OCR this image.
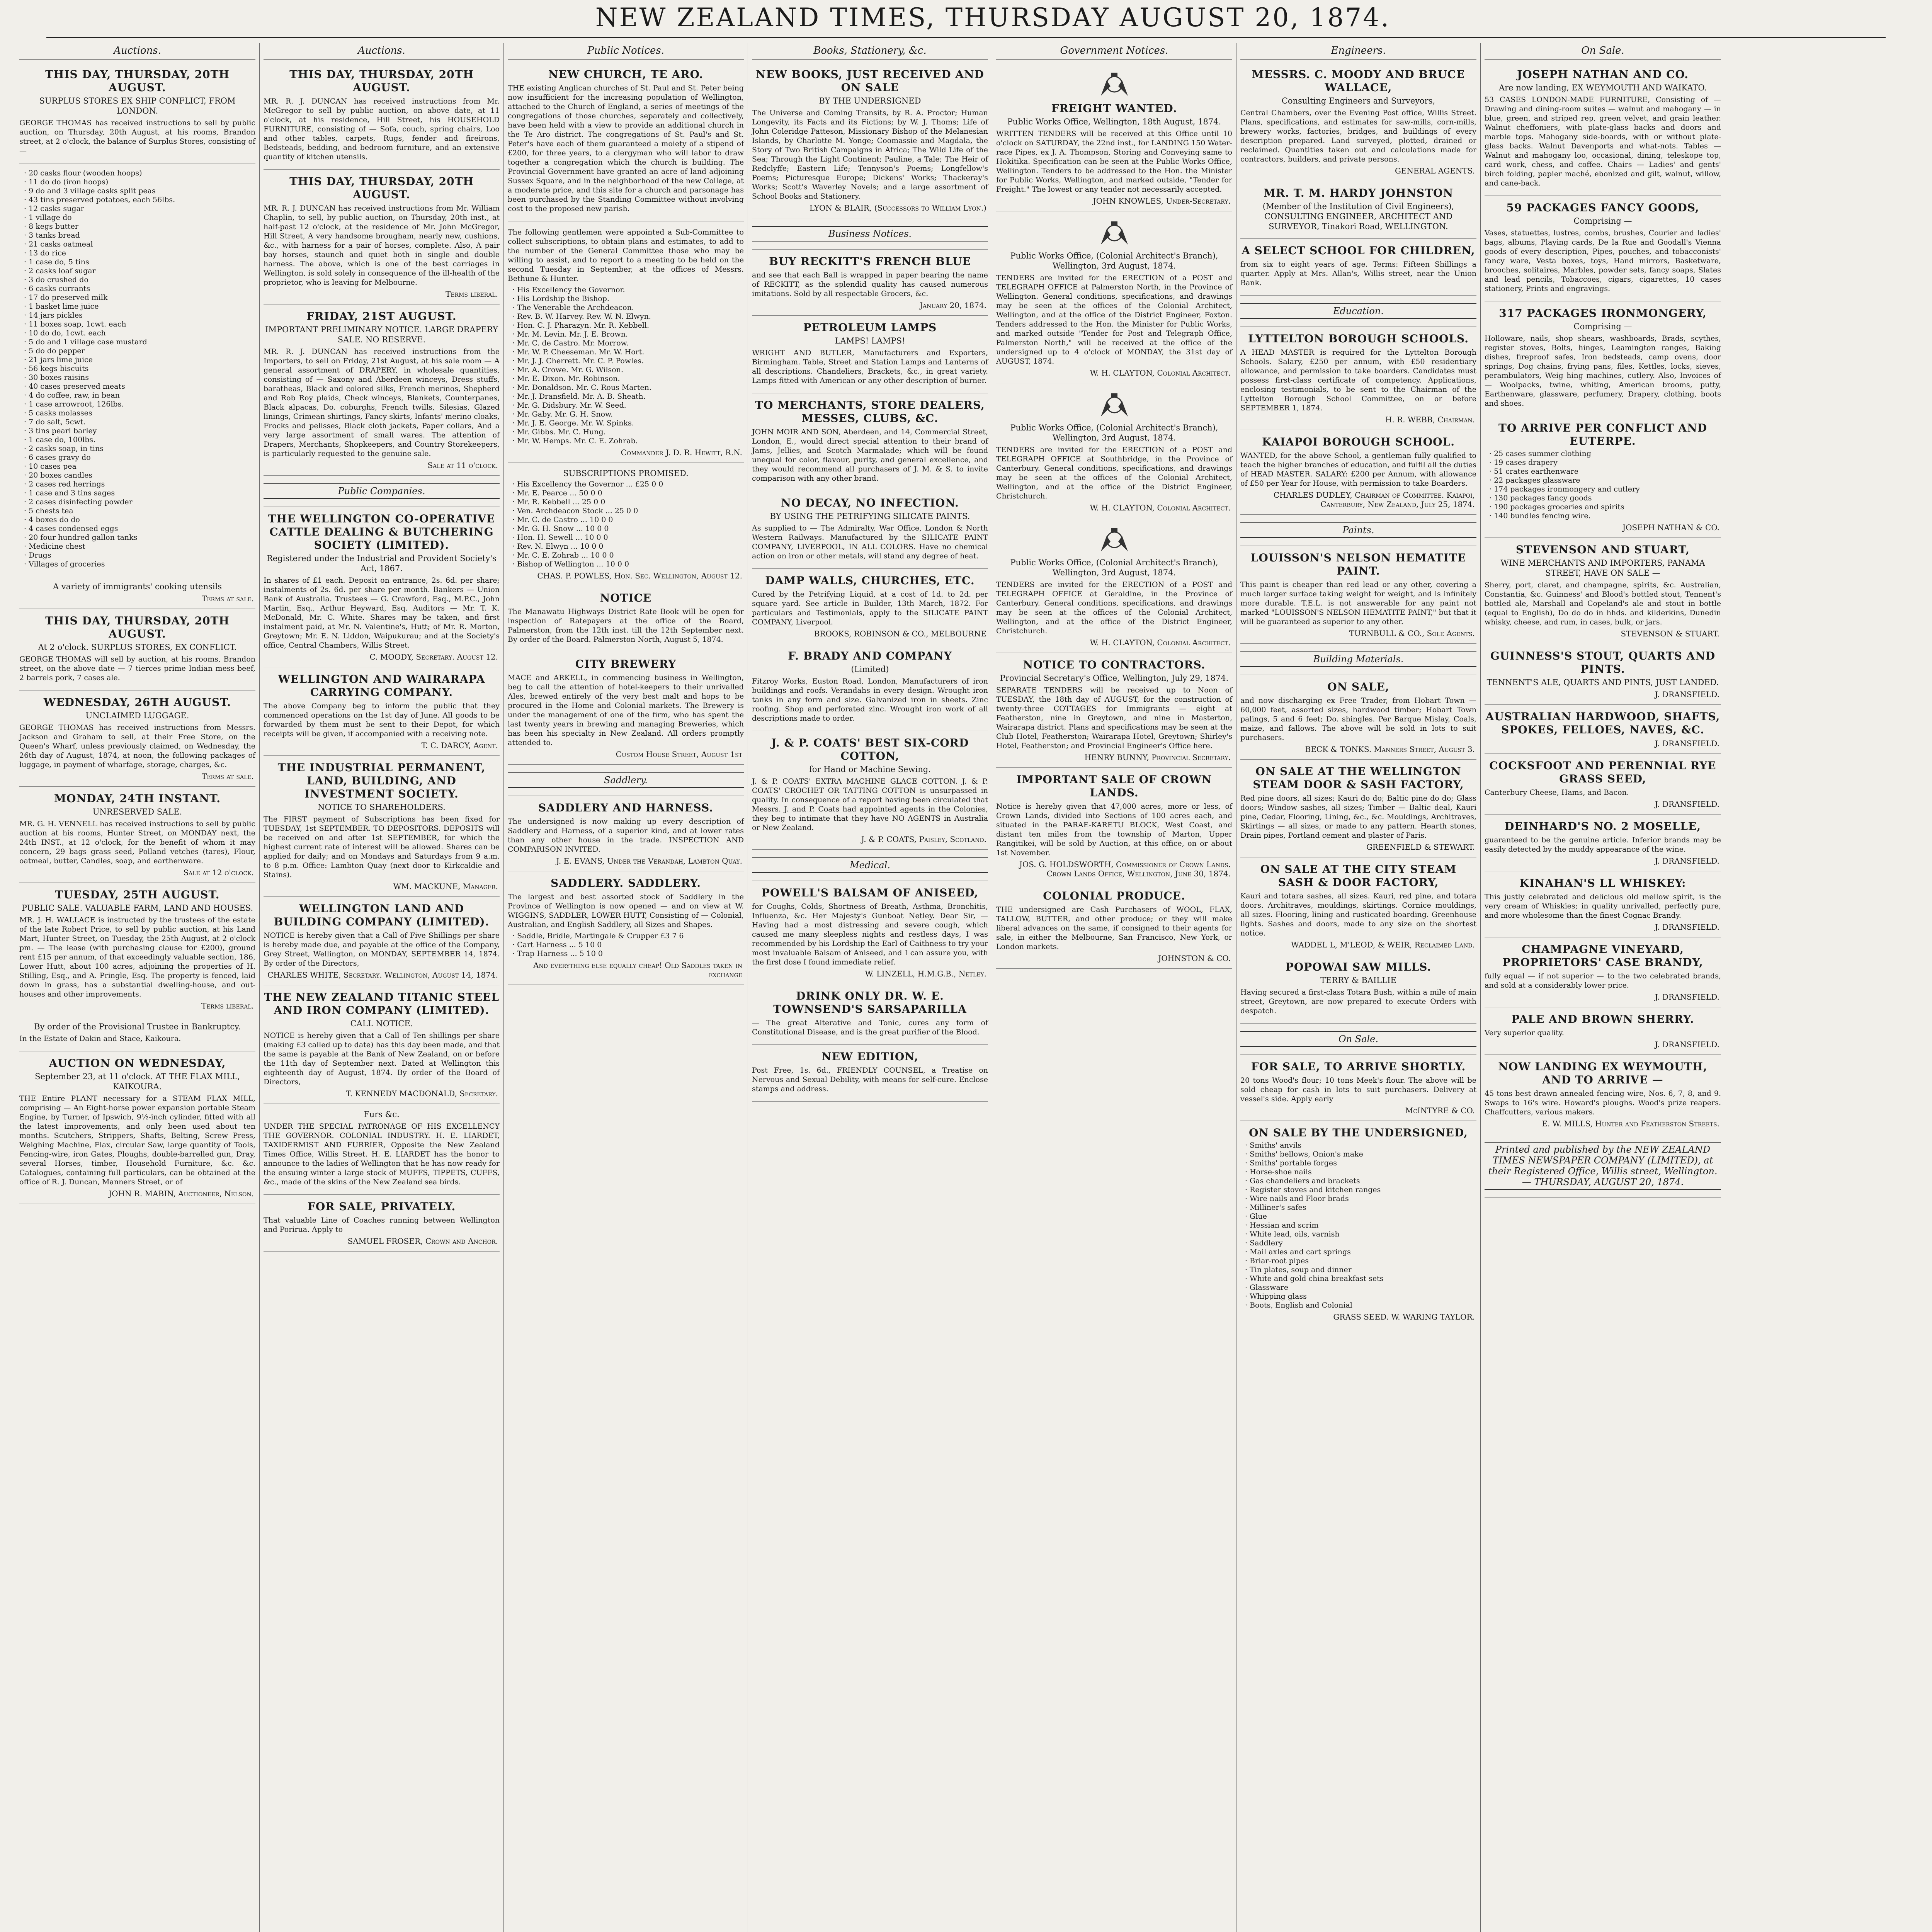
NEW ZEALAND TIMES, THURSDAY AUGUST 20, 1874.
Auctions.
THIS DAY, THURSDAY, 20TH AUGUST.
SURPLUS STORES EX SHIP CONFLICT, FROM LONDON.
GEORGE THOMAS has received instructions to sell by public auction, on Thursday, 20th August, at his rooms, Brandon street, at 2 o'clock, the balance of Surplus Stores, consisting of —
· 20 casks flour (wooden hoops)
· 11 do do (iron hoops)
· 9 do and 3 village casks split peas
· 43 tins preserved potatoes, each 56lbs.
· 12 casks sugar
· 1 village do
· 8 kegs butter
· 3 tanks bread
· 21 casks oatmeal
· 13 do rice
· 1 case do, 5 tins
· 2 casks loaf sugar
· 3 do crushed do
· 6 casks currants
· 17 do preserved milk
· 1 basket lime juice
· 14 jars pickles
· 11 boxes soap, 1cwt. each
· 10 do do, 1cwt. each
· 5 do and 1 village case mustard
· 5 do do pepper
· 21 jars lime juice
· 56 kegs biscuits
· 30 boxes raisins
· 40 cases preserved meats
· 4 do coffee, raw, in bean
· 1 case arrowroot, 126lbs.
· 5 casks molasses
· 7 do salt, 5cwt.
· 3 tins pearl barley
· 1 case do, 100lbs.
· 2 casks soap, in tins
· 6 cases gravy do
· 10 cases pea
· 20 boxes candles
· 2 cases red herrings
· 1 case and 3 tins sages
· 2 cases disinfecting powder
· 5 chests tea
· 4 boxes do do
· 4 cases condensed eggs
· 20 four hundred gallon tanks
· Medicine chest
· Drugs
· Villages of groceries
A variety of immigrants' cooking utensils
Terms at sale.
THIS DAY, THURSDAY, 20TH AUGUST.
At 2 o'clock. SURPLUS STORES, EX CONFLICT.
GEORGE THOMAS will sell by auction, at his rooms, Brandon street, on the above date — 7 tierces prime Indian mess beef, 2 barrels pork, 7 cases ale.
WEDNESDAY, 26TH AUGUST.
UNCLAIMED LUGGAGE.
GEORGE THOMAS has received instructions from Messrs. Jackson and Graham to sell, at their Free Store, on the Queen's Wharf, unless previously claimed, on Wednesday, the 26th day of August, 1874, at noon, the following packages of luggage, in payment of wharfage, storage, charges, &c.
Terms at sale.
MONDAY, 24TH INSTANT.
UNRESERVED SALE.
MR. G. H. VENNELL has received instructions to sell by public auction at his rooms, Hunter Street, on MONDAY next, the 24th INST., at 12 o'clock, for the benefit of whom it may concern, 29 bags grass seed, Polland vetches (tares), Flour, oatmeal, butter, Candles, soap, and earthenware.
Sale at 12 o'clock.
TUESDAY, 25TH AUGUST.
PUBLIC SALE. VALUABLE FARM, LAND AND HOUSES.
MR. J. H. WALLACE is instructed by the trustees of the estate of the late Robert Price, to sell by public auction, at his Land Mart, Hunter Street, on Tuesday, the 25th August, at 2 o'clock pm. — The lease (with purchasing clause for £200), ground rent £15 per annum, of that exceedingly valuable section, 186, Lower Hutt, about 100 acres, adjoining the properties of H. Stilling, Esq., and A. Pringle, Esq. The property is fenced, laid down in grass, has a substantial dwelling-house, and out-houses and other improvements.
Terms liberal.
By order of the Provisional Trustee in Bankruptcy.
In the Estate of Dakin and Stace, Kaikoura.
AUCTION ON WEDNESDAY,
September 23, at 11 o'clock. AT THE FLAX MILL, KAIKOURA.
THE Entire PLANT necessary for a STEAM FLAX MILL, comprising — An Eight-horse power expansion portable Steam Engine, by Turner, of Ipswich, 9½-inch cylinder, fitted with all the latest improvements, and only been used about ten months. Scutchers, Strippers, Shafts, Belting, Screw Press, Weighing Machine, Flax, circular Saw, large quantity of Tools, Fencing-wire, iron Gates, Ploughs, double-barrelled gun, Dray, several Horses, timber, Household Furniture, &c. &c. Catalogues, containing full particulars, can be obtained at the office of R. J. Duncan, Manners Street, or of
JOHN R. MABIN, Auctioneer, Nelson.
Auctions.
THIS DAY, THURSDAY, 20TH AUGUST.
MR. R. J. DUNCAN has received instructions from Mr. McGregor to sell by public auction, on above date, at 11 o'clock, at his residence, Hill Street, his HOUSEHOLD FURNITURE, consisting of — Sofa, couch, spring chairs, Loo and other tables, carpets, Rugs, fender and fireirons, Bedsteads, bedding, and bedroom furniture, and an extensive quantity of kitchen utensils.
THIS DAY, THURSDAY, 20TH AUGUST.
MR. R. J. DUNCAN has received instructions from Mr. William Chaplin, to sell, by public auction, on Thursday, 20th inst., at half-past 12 o'clock, at the residence of Mr. John McGregor, Hill Street, A very handsome brougham, nearly new, cushions, &c., with harness for a pair of horses, complete. Also, A pair bay horses, staunch and quiet both in single and double harness. The above, which is one of the best carriages in Wellington, is sold solely in consequence of the ill-health of the proprietor, who is leaving for Melbourne.
Terms liberal.
FRIDAY, 21ST AUGUST.
IMPORTANT PRELIMINARY NOTICE. LARGE DRAPERY SALE. NO RESERVE.
MR. R. J. DUNCAN has received instructions from the Importers, to sell on Friday, 21st August, at his sale room — A general assortment of DRAPERY, in wholesale quantities, consisting of — Saxony and Aberdeen winceys, Dress stuffs, baratheas, Black and colored silks, French merinos, Shepherd and Rob Roy plaids, Check winceys, Blankets, Counterpanes, Black alpacas, Do. coburghs, French twills, Silesias, Glazed linings, Crimean shirtings, Fancy skirts, Infants' merino cloaks, Frocks and pelisses, Black cloth jackets, Paper collars, And a very large assortment of small wares. The attention of Drapers, Merchants, Shopkeepers, and Country Storekeepers, is particularly requested to the genuine sale.
Sale at 11 o'clock.
Public Companies.
THE WELLINGTON CO-OPERATIVE CATTLE DEALING & BUTCHERING SOCIETY (LIMITED).
Registered under the Industrial and Provident Society's Act, 1867.
In shares of £1 each. Deposit on entrance, 2s. 6d. per share; instalments of 2s. 6d. per share per month. Bankers — Union Bank of Australia. Trustees — G. Crawford, Esq., M.P.C., John Martin, Esq., Arthur Heyward, Esq. Auditors — Mr. T. K. McDonald, Mr. C. White. Shares may be taken, and first instalment paid, at Mr. N. Valentine's, Hutt; of Mr. R. Morton, Greytown; Mr. E. N. Liddon, Waipukurau; and at the Society's office, Central Chambers, Willis Street.
C. MOODY, Secretary. August 12.
WELLINGTON AND WAIRARAPA CARRYING COMPANY.
The above Company beg to inform the public that they commenced operations on the 1st day of June. All goods to be forwarded by them must be sent to their Depot, for which receipts will be given, if accompanied with a receiving note.
T. C. DARCY, Agent.
THE INDUSTRIAL PERMANENT, LAND, BUILDING, AND INVESTMENT SOCIETY.
NOTICE TO SHAREHOLDERS.
The FIRST payment of Subscriptions has been fixed for TUESDAY, 1st SEPTEMBER. TO DEPOSITORS. DEPOSITS will be received on and after 1st SEPTEMBER, for which the highest current rate of interest will be allowed. Shares can be applied for daily; and on Mondays and Saturdays from 9 a.m. to 8 p.m. Office: Lambton Quay (next door to Kirkcaldie and Stains).
WM. MACKUNE, Manager.
WELLINGTON LAND AND BUILDING COMPANY (LIMITED).
NOTICE is hereby given that a Call of Five Shillings per share is hereby made due, and payable at the office of the Company, Grey Street, Wellington, on MONDAY, SEPTEMBER 14, 1874. By order of the Directors,
CHARLES WHITE, Secretary. Wellington, August 14, 1874.
THE NEW ZEALAND TITANIC STEEL AND IRON COMPANY (LIMITED).
CALL NOTICE.
NOTICE is hereby given that a Call of Ten shillings per share (making £3 called up to date) has this day been made, and that the same is payable at the Bank of New Zealand, on or before the 11th day of September next. Dated at Wellington this eighteenth day of August, 1874. By order of the Board of Directors,
T. KENNEDY MACDONALD, Secretary.
Furs &c.
UNDER THE SPECIAL PATRONAGE OF HIS EXCELLENCY THE GOVERNOR. COLONIAL INDUSTRY. H. E. LIARDET, TAXIDERMIST AND FURRIER, Opposite the New Zealand Times Office, Willis Street. H. E. LIARDET has the honor to announce to the ladies of Wellington that he has now ready for the ensuing winter a large stock of MUFFS, TIPPETS, CUFFS, &c., made of the skins of the New Zealand sea birds.
FOR SALE, PRIVATELY.
That valuable Line of Coaches running between Wellington and Porirua. Apply to
SAMUEL FROSER, Crown and Anchor.
Public Notices.
NEW CHURCH, TE ARO.
THE existing Anglican churches of St. Paul and St. Peter being now insufficient for the increasing population of Wellington, attached to the Church of England, a series of meetings of the congregations of those churches, separately and collectively, have been held with a view to provide an additional church in the Te Aro district. The congregations of St. Paul's and St. Peter's have each of them guaranteed a moiety of a stipend of £200, for three years, to a clergyman who will labor to draw together a congregation which the church is building. The Provincial Government have granted an acre of land adjoining Sussex Square, and in the neighborhood of the new College, at a moderate price, and this site for a church and parsonage has been purchased by the Standing Committee without involving cost to the proposed new parish.
The following gentlemen were appointed a Sub-Committee to collect subscriptions, to obtain plans and estimates, to add to the number of the General Committee those who may be willing to assist, and to report to a meeting to be held on the second Tuesday in September, at the offices of Messrs. Bethune & Hunter.
· His Excellency the Governor.
· His Lordship the Bishop.
· The Venerable the Archdeacon.
· Rev. B. W. Harvey. Rev. W. N. Elwyn.
· Hon. C. J. Pharazyn. Mr. R. Kebbell.
· Mr. M. Levin. Mr. J. E. Brown.
· Mr. C. de Castro. Mr. Morrow.
· Mr. W. P. Cheeseman. Mr. W. Hort.
· Mr. J. J. Cherrett. Mr. C. P. Powles.
· Mr. A. Crowe. Mr. G. Wilson.
· Mr. E. Dixon. Mr. Robinson.
· Mr. Donaldson. Mr. C. Rous Marten.
· Mr. J. Dransfield. Mr. A. B. Sheath.
· Mr. G. Didsbury. Mr. W. Seed.
· Mr. Gaby. Mr. G. H. Snow.
· Mr. J. E. George. Mr. W. Spinks.
· Mr. Gibbs. Mr. C. Hung.
· Mr. W. Hemps. Mr. C. E. Zohrab.
Commander J. D. R. Hewitt, R.N.
SUBSCRIPTIONS PROMISED.
· His Excellency the Governor ... £25 0 0
· Mr. E. Pearce ... 50 0 0
· Mr. R. Kebbell ... 25 0 0
· Ven. Archdeacon Stock ... 25 0 0
· Mr. C. de Castro ... 10 0 0
· Mr. G. H. Snow ... 10 0 0
· Hon. H. Sewell ... 10 0 0
· Rev. N. Elwyn ... 10 0 0
· Mr. C. E. Zohrab ... 10 0 0
· Bishop of Wellington ... 10 0 0
CHAS. P. POWLES, Hon. Sec. Wellington, August 12.
NOTICE
The Manawatu Highways District Rate Book will be open for inspection of Ratepayers at the office of the Board, Palmerston, from the 12th inst. till the 12th September next. By order of the Board. Palmerston North, August 5, 1874.
CITY BREWERY
MACE and ARKELL, in commencing business in Wellington, beg to call the attention of hotel-keepers to their unrivalled Ales, brewed entirely of the very best malt and hops to be procured in the Home and Colonial markets. The Brewery is under the management of one of the firm, who has spent the last twenty years in brewing and managing Breweries, which has been his specialty in New Zealand. All orders promptly attended to.
Custom House Street, August 1st
Saddlery.
SADDLERY AND HARNESS.
The undersigned is now making up every description of Saddlery and Harness, of a superior kind, and at lower rates than any other house in the trade. INSPECTION AND COMPARISON INVITED.
J. E. EVANS, Under the Verandah, Lambton Quay.
SADDLERY. SADDLERY.
The largest and best assorted stock of Saddlery in the Province of Wellington is now opened — and on view at W. WIGGINS, SADDLER, LOWER HUTT, Consisting of — Colonial, Australian, and English Saddlery, all Sizes and Shapes.
· Saddle, Bridle, Martingale & Crupper £3 7 6
· Cart Harness ... 5 10 0
· Trap Harness ... 5 10 0
And everything else equally cheap! Old Saddles taken in exchange
Books, Stationery, &c.
NEW BOOKS, JUST RECEIVED AND ON SALE
BY THE UNDERSIGNED
The Universe and Coming Transits, by R. A. Proctor; Human Longevity, its Facts and its Fictions; by W. J. Thoms; Life of John Coleridge Patteson, Missionary Bishop of the Melanesian Islands, by Charlotte M. Yonge; Coomassie and Magdala, the Story of Two British Campaigns in Africa; The Wild Life of the Sea; Through the Light Continent; Pauline, a Tale; The Heir of Redclyffe; Eastern Life; Tennyson's Poems; Longfellow's Poems; Picturesque Europe; Dickens' Works; Thackeray's Works; Scott's Waverley Novels; and a large assortment of School Books and Stationery.
LYON & BLAIR, (Successors to William Lyon.)
Business Notices.
BUY RECKITT'S FRENCH BLUE
and see that each Ball is wrapped in paper bearing the name of RECKITT, as the splendid quality has caused numerous imitations. Sold by all respectable Grocers, &c.
January 20, 1874.
PETROLEUM LAMPS
LAMPS! LAMPS!
WRIGHT AND BUTLER, Manufacturers and Exporters, Birmingham. Table, Street and Station Lamps and Lanterns of all descriptions. Chandeliers, Brackets, &c., in great variety. Lamps fitted with American or any other description of burner.
TO MERCHANTS, STORE DEALERS, MESSES, CLUBS, &C.
JOHN MOIR AND SON, Aberdeen, and 14, Commercial Street, London, E., would direct special attention to their brand of Jams, Jellies, and Scotch Marmalade; which will be found unequal for color, flavour, purity, and general excellence, and they would recommend all purchasers of J. M. & S. to invite comparison with any other brand.
NO DECAY, NO INFECTION.
BY USING THE PETRIFYING SILICATE PAINTS.
As supplied to — The Admiralty, War Office, London & North Western Railways. Manufactured by the SILICATE PAINT COMPANY, LIVERPOOL, IN ALL COLORS. Have no chemical action on iron or other metals, will stand any degree of heat.
DAMP WALLS, CHURCHES, ETC.
Cured by the Petrifying Liquid, at a cost of 1d. to 2d. per square yard. See article in Builder, 13th March, 1872. For particulars and Testimonials, apply to the SILICATE PAINT COMPANY, Liverpool.
BROOKS, ROBINSON & CO., MELBOURNE
F. BRADY AND COMPANY
(Limited)
Fitzroy Works, Euston Road, London, Manufacturers of iron buildings and roofs. Verandahs in every design. Wrought iron tanks in any form and size. Galvanized iron in sheets. Zinc roofing. Shop and perforated zinc. Wrought iron work of all descriptions made to order.
J. & P. COATS' BEST SIX-CORD COTTON,
for Hand or Machine Sewing.
J. & P. COATS' EXTRA MACHINE GLACE COTTON. J. & P. COATS' CROCHET OR TATTING COTTON is unsurpassed in quality. In consequence of a report having been circulated that Messrs. J. and P. Coats had appointed agents in the Colonies, they beg to intimate that they have NO AGENTS in Australia or New Zealand.
J. & P. COATS, Paisley, Scotland.
Medical.
POWELL'S BALSAM OF ANISEED,
for Coughs, Colds, Shortness of Breath, Asthma, Bronchitis, Influenza, &c. Her Majesty's Gunboat Netley. Dear Sir, — Having had a most distressing and severe cough, which caused me many sleepless nights and restless days, I was recommended by his Lordship the Earl of Caithness to try your most invaluable Balsam of Aniseed, and I can assure you, with the first dose I found immediate relief.
W. LINZELL, H.M.G.B., Netley.
DRINK ONLY DR. W. E. TOWNSEND'S SARSAPARILLA
— The great Alterative and Tonic, cures any form of Constitutional Disease, and is the great purifier of the Blood.
NEW EDITION,
Post Free, 1s. 6d., FRIENDLY COUNSEL, a Treatise on Nervous and Sexual Debility, with means for self-cure. Enclose stamps and address.
Government Notices.
FREIGHT WANTED.
Public Works Office, Wellington, 18th August, 1874.
WRITTEN TENDERS will be received at this Office until 10 o'clock on SATURDAY, the 22nd inst., for LANDING 150 Water-race Pipes, ex J. A. Thompson, Storing and Conveying same to Hokitika. Specification can be seen at the Public Works Office, Wellington. Tenders to be addressed to the Hon. the Minister for Public Works, Wellington, and marked outside, "Tender for Freight." The lowest or any tender not necessarily accepted.
JOHN KNOWLES, Under-Secretary.
Public Works Office, (Colonial Architect's Branch), Wellington, 3rd August, 1874.
TENDERS are invited for the ERECTION of a POST and TELEGRAPH OFFICE at Palmerston North, in the Province of Wellington. General conditions, specifications, and drawings may be seen at the offices of the Colonial Architect, Wellington, and at the office of the District Engineer, Foxton. Tenders addressed to the Hon. the Minister for Public Works, and marked outside "Tender for Post and Telegraph Office, Palmerston North," will be received at the office of the undersigned up to 4 o'clock of MONDAY, the 31st day of AUGUST, 1874.
W. H. CLAYTON, Colonial Architect.
Public Works Office, (Colonial Architect's Branch), Wellington, 3rd August, 1874.
TENDERS are invited for the ERECTION of a POST and TELEGRAPH OFFICE at Southbridge, in the Province of Canterbury. General conditions, specifications, and drawings may be seen at the offices of the Colonial Architect, Wellington, and at the office of the District Engineer, Christchurch.
W. H. CLAYTON, Colonial Architect.
Public Works Office, (Colonial Architect's Branch), Wellington, 3rd August, 1874.
TENDERS are invited for the ERECTION of a POST and TELEGRAPH OFFICE at Geraldine, in the Province of Canterbury. General conditions, specifications, and drawings may be seen at the offices of the Colonial Architect, Wellington, and at the office of the District Engineer, Christchurch.
W. H. CLAYTON, Colonial Architect.
NOTICE TO CONTRACTORS.
Provincial Secretary's Office, Wellington, July 29, 1874.
SEPARATE TENDERS will be received up to Noon of TUESDAY, the 18th day of AUGUST, for the construction of twenty-three COTTAGES for Immigrants — eight at Featherston, nine in Greytown, and nine in Masterton, Wairarapa district. Plans and specifications may be seen at the Club Hotel, Featherston; Wairarapa Hotel, Greytown; Shirley's Hotel, Featherston; and Provincial Engineer's Office here.
HENRY BUNNY, Provincial Secretary.
IMPORTANT SALE OF CROWN LANDS.
Notice is hereby given that 47,000 acres, more or less, of Crown Lands, divided into Sections of 100 acres each, and situated in the PARAE-KARETU BLOCK, West Coast, and distant ten miles from the township of Marton, Upper Rangitikei, will be sold by Auction, at this office, on or about 1st November.
JOS. G. HOLDSWORTH, Commissioner of Crown Lands. Crown Lands Office, Wellington, June 30, 1874.
COLONIAL PRODUCE.
THE undersigned are Cash Purchasers of WOOL, FLAX, TALLOW, BUTTER, and other produce; or they will make liberal advances on the same, if consigned to their agents for sale, in either the Melbourne, San Francisco, New York, or London markets.
JOHNSTON & CO.
Engineers.
MESSRS. C. MOODY AND BRUCE WALLACE,
Consulting Engineers and Surveyors,
Central Chambers, over the Evening Post office, Willis Street. Plans, specifications, and estimates for saw-mills, corn-mills, brewery works, factories, bridges, and buildings of every description prepared. Land surveyed, plotted, drained or reclaimed. Quantities taken out and calculations made for contractors, builders, and private persons.
GENERAL AGENTS.
MR. T. M. HARDY JOHNSTON
(Member of the Institution of Civil Engineers), CONSULTING ENGINEER, ARCHITECT AND SURVEYOR, Tinakori Road, WELLINGTON.
A SELECT SCHOOL FOR CHILDREN,
from six to eight years of age. Terms: Fifteen Shillings a quarter. Apply at Mrs. Allan's, Willis street, near the Union Bank.
Education.
LYTTELTON BOROUGH SCHOOLS.
A HEAD MASTER is required for the Lyttelton Borough Schools. Salary, £250 per annum, with £50 residentiary allowance, and permission to take boarders. Candidates must possess first-class certificate of competency. Applications, enclosing testimonials, to be sent to the Chairman of the Lyttelton Borough School Committee, on or before SEPTEMBER 1, 1874.
H. R. WEBB, Chairman.
KAIAPOI BOROUGH SCHOOL.
WANTED, for the above School, a gentleman fully qualified to teach the higher branches of education, and fulfil all the duties of HEAD MASTER. SALARY: £200 per Annum, with allowance of £50 per Year for House, with permission to take Boarders.
CHARLES DUDLEY, Chairman of Committee. Kaiapoi, Canterbury, New Zealand, July 25, 1874.
Paints.
LOUISSON'S NELSON HEMATITE PAINT.
This paint is cheaper than red lead or any other, covering a much larger surface taking weight for weight, and is infinitely more durable. T.E.L. is not answerable for any paint not marked "LOUISSON'S NELSON HEMATITE PAINT," but that it will be guaranteed as superior to any other.
TURNBULL & CO., Sole Agents.
Building Materials.
ON SALE,
and now discharging ex Free Trader, from Hobart Town — 60,000 feet, assorted sizes, hardwood timber; Hobart Town palings, 5 and 6 feet; Do. shingles. Per Barque Mislay, Coals, maize, and fallows. The above will be sold in lots to suit purchasers.
BECK & TONKS. Manners Street, August 3.
ON SALE AT THE WELLINGTON STEAM DOOR & SASH FACTORY,
Red pine doors, all sizes; Kauri do do; Baltic pine do do; Glass doors; Window sashes, all sizes; Timber — Baltic deal, Kauri pine, Cedar, Flooring, Lining, &c., &c. Mouldings, Architraves, Skirtings — all sizes, or made to any pattern. Hearth stones, Drain pipes, Portland cement and plaster of Paris.
GREENFIELD & STEWART.
ON SALE AT THE CITY STEAM SASH & DOOR FACTORY,
Kauri and totara sashes, all sizes. Kauri, red pine, and totara doors. Architraves, mouldings, skirtings. Cornice mouldings, all sizes. Flooring, lining and rusticated boarding. Greenhouse lights. Sashes and doors, made to any size on the shortest notice.
WADDEL L, M'LEOD, & WEIR, Reclaimed Land.
POPOWAI SAW MILLS.
TERRY & BAILLIE
Having secured a first-class Totara Bush, within a mile of main street, Greytown, are now prepared to execute Orders with despatch.
On Sale.
FOR SALE, TO ARRIVE SHORTLY.
20 tons Wood's flour; 10 tons Meek's flour. The above will be sold cheap for cash in lots to suit purchasers. Delivery at vessel's side. Apply early
McINTYRE & CO.
ON SALE BY THE UNDERSIGNED,
· Smiths' anvils
· Smiths' bellows, Onion's make
· Smiths' portable forges
· Horse-shoe nails
· Gas chandeliers and brackets
· Register stoves and kitchen ranges
· Wire nails and Floor brads
· Milliner's safes
· Glue
· Hessian and scrim
· White lead, oils, varnish
· Saddlery
· Mail axles and cart springs
· Briar-root pipes
· Tin plates, soup and dinner
· White and gold china breakfast sets
· Glassware
· Whipping glass
· Boots, English and Colonial
GRASS SEED. W. WARING TAYLOR.
On Sale.
JOSEPH NATHAN AND CO.
Are now landing, EX WEYMOUTH AND WAIKATO.
53 CASES LONDON-MADE FURNITURE, Consisting of — Drawing and dining-room suites — walnut and mahogany — in blue, green, and striped rep, green velvet, and grain leather. Walnut cheffoniers, with plate-glass backs and doors and marble tops. Mahogany side-boards, with or without plate-glass backs. Walnut Davenports and what-nots. Tables — Walnut and mahogany loo, occasional, dining, teleskope top, card work, chess, and coffee. Chairs — Ladies' and gents' birch folding, papier maché, ebonized and gilt, walnut, willow, and cane-back.
59 PACKAGES FANCY GOODS,
Comprising —
Vases, statuettes, lustres, combs, brushes, Courier and ladies' bags, albums, Playing cards, De la Rue and Goodall's Vienna goods of every description, Pipes, pouches, and tobacconists' fancy ware, Vesta boxes, toys, Hand mirrors, Basketware, brooches, solitaires, Marbles, powder sets, fancy soaps, Slates and lead pencils, Tobaccoes, cigars, cigarettes, 10 cases stationery, Prints and engravings.
317 PACKAGES IRONMONGERY,
Comprising —
Holloware, nails, shop shears, washboards, Brads, scythes, register stoves, Bolts, hinges, Leamington ranges, Baking dishes, fireproof safes, Iron bedsteads, camp ovens, door springs, Dog chains, frying pans, files, Kettles, locks, sieves, perambulators, Weig hing machines, cutlery. Also, Invoices of — Woolpacks, twine, whiting, American brooms, putty, Earthenware, glassware, perfumery, Drapery, clothing, boots and shoes.
TO ARRIVE PER CONFLICT AND EUTERPE.
· 25 cases summer clothing
· 19 cases drapery
· 51 crates earthenware
· 22 packages glassware
· 174 packages ironmongery and cutlery
· 130 packages fancy goods
· 190 packages groceries and spirits
· 140 bundles fencing wire.
JOSEPH NATHAN & CO.
STEVENSON AND STUART,
WINE MERCHANTS AND IMPORTERS, PANAMA STREET, HAVE ON SALE —
Sherry, port, claret, and champagne, spirits, &c. Australian, Constantia, &c. Guinness' and Blood's bottled stout, Tennent's bottled ale, Marshall and Copeland's ale and stout in bottle (equal to English), Do do do in hhds. and kilderkins, Dunedin whisky, cheese, and rum, in cases, bulk, or jars.
STEVENSON & STUART.
GUINNESS'S STOUT, QUARTS AND PINTS.
TENNENT'S ALE, QUARTS AND PINTS, JUST LANDED.
J. DRANSFIELD.
AUSTRALIAN HARDWOOD, SHAFTS, SPOKES, FELLOES, NAVES, &C.
J. DRANSFIELD.
COCKSFOOT AND PERENNIAL RYE GRASS SEED,
Canterbury Cheese, Hams, and Bacon.
J. DRANSFIELD.
DEINHARD'S NO. 2 MOSELLE,
guaranteed to be the genuine article. Inferior brands may be easily detected by the muddy appearance of the wine.
J. DRANSFIELD.
KINAHAN'S LL WHISKEY:
This justly celebrated and delicious old mellow spirit, is the very cream of Whiskies; in quality unrivalled, perfectly pure, and more wholesome than the finest Cognac Brandy.
J. DRANSFIELD.
CHAMPAGNE VINEYARD, PROPRIETORS' CASE BRANDY,
fully equal — if not superior — to the two celebrated brands, and sold at a considerably lower price.
J. DRANSFIELD.
PALE AND BROWN SHERRY.
Very superior quality.
J. DRANSFIELD.
NOW LANDING EX WEYMOUTH, AND TO ARRIVE —
45 tons best drawn annealed fencing wire, Nos. 6, 7, 8, and 9. Swaps to 16's wire. Howard's ploughs. Wood's prize reapers. Chaffcutters, various makers.
E. W. MILLS, Hunter and Featherston Streets.
Printed and published by the NEW ZEALAND TIMES NEWSPAPER COMPANY (LIMITED), at their Registered Office, Willis street, Wellington. — THURSDAY, AUGUST 20, 1874.
